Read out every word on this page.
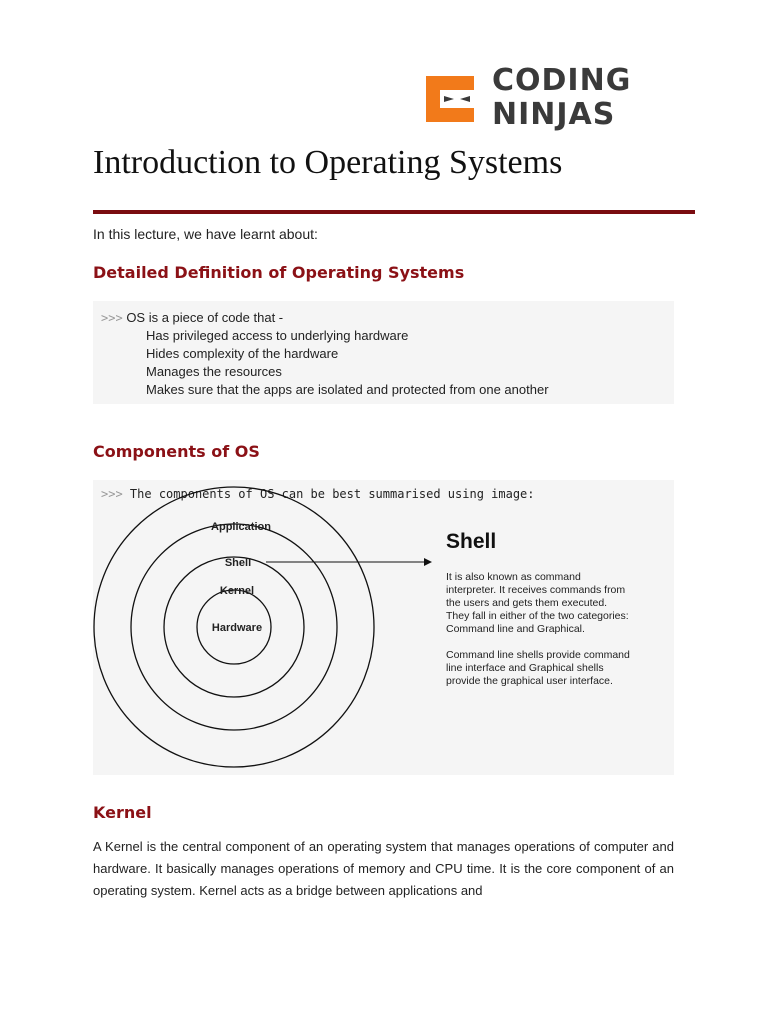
CODING
NINJAS
Introduction to Operating Systems
In this lecture, we have learnt about:
Detailed Definition of Operating Systems
>>> OS is a piece of code that -
Has privileged access to underlying hardware
Hides complexity of the hardware
Manages the resources
Makes sure that the apps are isolated and protected from one another
Components of OS
>>> The components of OS can be best summarised using image:
Application
Shell
Kernel
Hardware
Shell

It is also known as command interpreter. It receives commands from the users and gets them executed. They fall in either of the two categories: Command line and Graphical.

Command line shells provide command line interface and Graphical shells provide the graphical user interface.

Kernel

A Kernel is the central component of an operating system that manages operations of computer and hardware. It basically manages operations of memory and CPU time. It is the core component of an operating system. Kernel acts as a bridge between applications and
